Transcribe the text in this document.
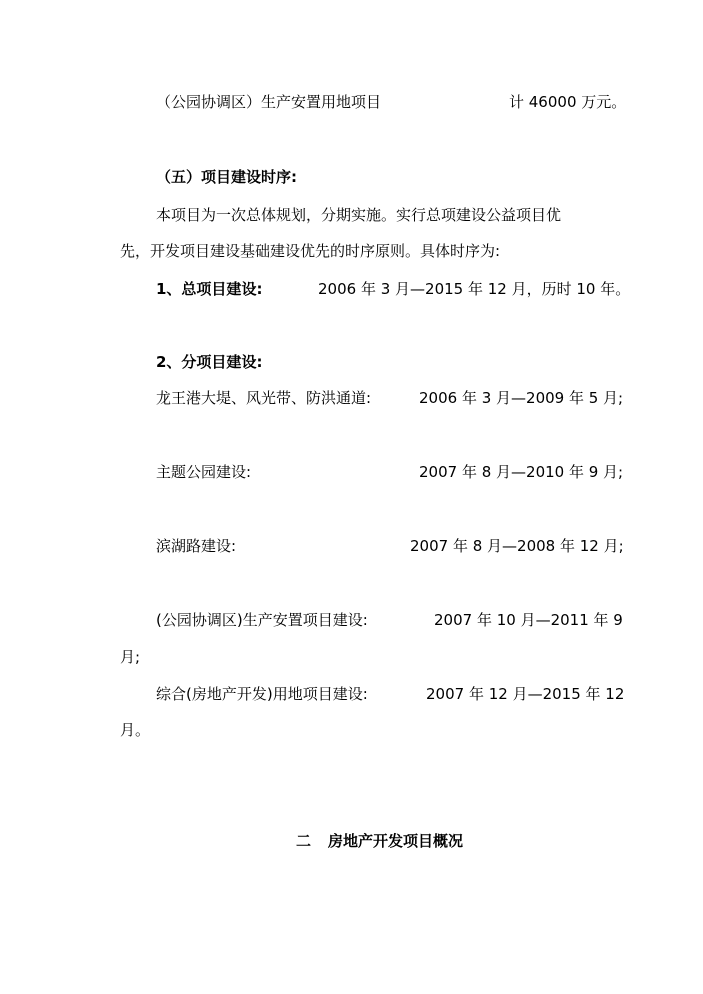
（公园协调区）生产安置用地项目	计 46000 万元。
（五）项目建设时序:
本项目为一次总体规划，分期实施。实行总项建设公益项目优
先，开发项目建设基础建设优先的时序原则。具体时序为:
1、总项目建设:	2006 年 3 月—2015 年 12 月，历时 10 年。
2、分项目建设:
龙王港大堤、风光带、防洪通道:	2006 年 3 月—2009 年 5 月;
主题公园建设:	2007 年 8 月—2010 年 9 月;
滨湖路建设:	2007 年 8 月—2008 年 12 月;
(公园协调区)生产安置项目建设:	2007 年 10 月—2011 年 9
月;
综合(房地产开发)用地项目建设:	2007 年 12 月—2015 年 12
月。
二 房地产开发项目概况
